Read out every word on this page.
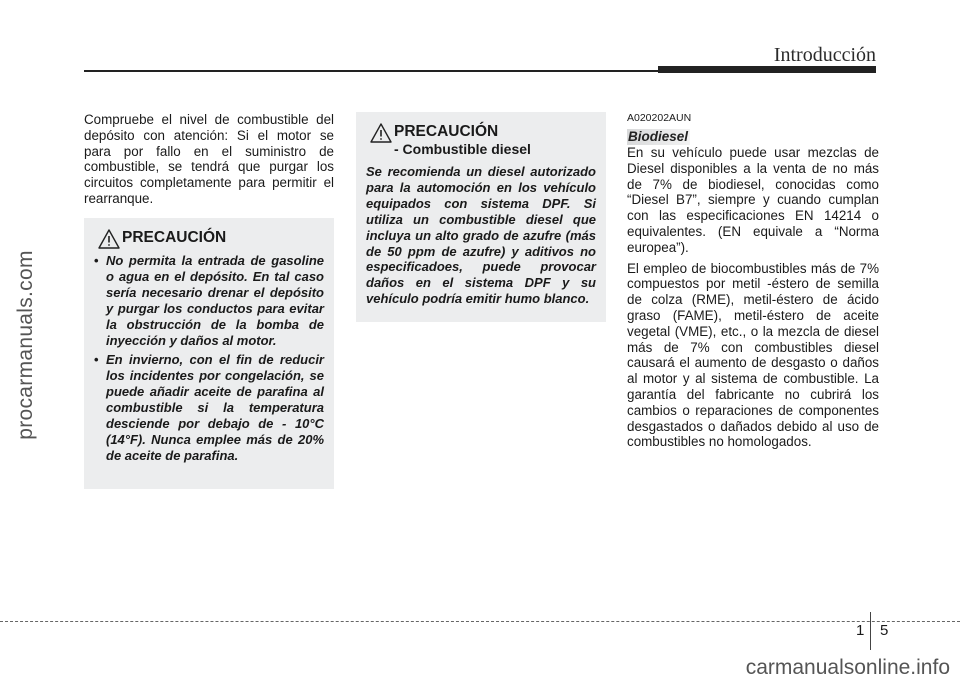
Introducción
procarmanuals.com

Compruebe el nivel de combustible del depósito con atención: Si el motor se para por fallo en el suministro de combustible, se tendrá que purgar los circuitos completamente para permitir el rearranque.

PRECAUCIÓN
• No permita la entrada de gasoline o agua en el depósito. En tal caso sería necesario drenar el depósito y purgar los conductos para evitar la obstrucción de la bomba de inyección y daños al motor.
• En invierno, con el fin de reducir los incidentes por congelación, se puede añadir aceite de parafina al combustible si la temperatura desciende por debajo de - 10°C (14°F). Nunca emplee más de 20% de aceite de parafina.
PRECAUCIÓN
- Combustible diesel
Se recomienda un diesel autorizado para la automoción en los vehículo equipados con sistema DPF. Si utiliza un combustible diesel que incluya un alto grado de azufre (más de 50 ppm de azufre) y aditivos no especificadoes, puede provocar daños en el sistema DPF y su vehículo podría emitir humo blanco.
A020202AUN
Biodiesel

En su vehículo puede usar mezclas de Diesel disponibles a la venta de no más de 7% de biodiesel, conocidas como “Diesel B7”, siempre y cuando cumplan con las especificaciones EN 14214 o equivalentes. (EN equivale a “Norma europea”).

El empleo de biocombustibles más de 7% compuestos por metil -éstero de semilla de colza (RME), metil-éstero de ácido graso (FAME), metil-éstero de aceite vegetal (VME), etc., o la mezcla de diesel más de 7% con combustibles diesel causará el aumento de desgasto o daños al motor y al sistema de combustible. La garantía del fabricante no cubrirá los cambios o reparaciones de componentes desgastados o dañados debido al uso de combustibles no homologados.

1 5
carmanualsonline.info
